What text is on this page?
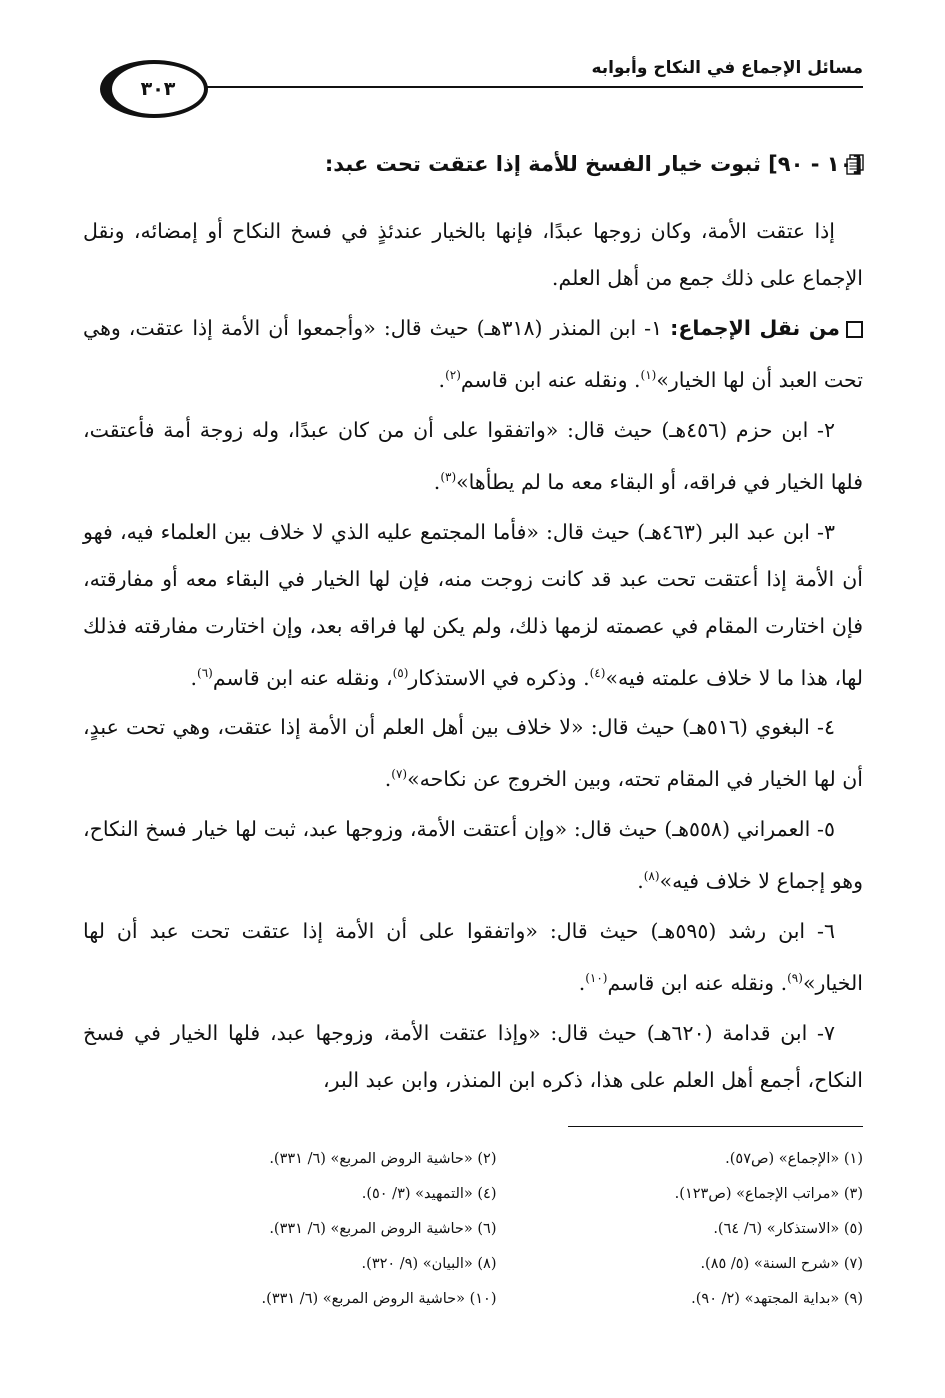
مسائل الإجماع في النكاح وأبوابه
٣٠٣
[١٠ - ٩٠] ثبوت خيار الفسخ للأمة إذا عتقت تحت عبد:

إذا عتقت الأمة، وكان زوجها عبدًا، فإنها بالخيار عندئذٍ في فسخ النكاح أو إمضائه، ونقل الإجماع على ذلك جمع من أهل العلم.

من نقل الإجماع: ١- ابن المنذر (٣١٨هـ) حيث قال: «وأجمعوا أن الأمة إذا عتقت، وهي تحت العبد أن لها الخيار»$^{(١)}$. ونقله عنه ابن قاسم$^{(٢)}$.

٢- ابن حزم (٤٥٦هـ) حيث قال: «واتفقوا على أن من كان عبدًا، وله زوجة أمة فأعتقت، فلها الخيار في فراقه، أو البقاء معه ما لم يطأها»$^{(٣)}$.

٣- ابن عبد البر (٤٦٣هـ) حيث قال: «فأما المجتمع عليه الذي لا خلاف بين العلماء فيه، فهو أن الأمة إذا أعتقت تحت عبد قد كانت زوجت منه، فإن لها الخيار في البقاء معه أو مفارقته، فإن اختارت المقام في عصمته لزمها ذلك، ولم يكن لها فراقه بعد، وإن اختارت مفارقته فذلك لها، هذا ما لا خلاف علمته فيه»$^{(٤)}$. وذكره في الاستذكار$^{(٥)}$، ونقله عنه ابن قاسم$^{(٦)}$.

٤- البغوي (٥١٦هـ) حيث قال: «لا خلاف بين أهل العلم أن الأمة إذا عتقت، وهي تحت عبدٍ، أن لها الخيار في المقام تحته، وبين الخروج عن نكاحه»$^{(٧)}$.

٥- العمراني (٥٥٨هـ) حيث قال: «وإن أعتقت الأمة، وزوجها عبد، ثبت لها خيار فسخ النكاح، وهو إجماع لا خلاف فيه»$^{(٨)}$.

٦- ابن رشد (٥٩٥هـ) حيث قال: «واتفقوا على أن الأمة إذا عتقت تحت عبد أن لها الخيار»$^{(٩)}$. ونقله عنه ابن قاسم$^{(١٠)}$.

٧- ابن قدامة (٦٢٠هـ) حيث قال: «وإذا عتقت الأمة، وزوجها عبد، فلها الخيار في فسخ النكاح، أجمع أهل العلم على هذا، ذكره ابن المنذر، وابن عبد البر،

(١) «الإجماع» (ص٥٧).
(٢) «حاشية الروض المربع» (٦/ ٣٣١).
(٣) «مراتب الإجماع» (ص١٢٣).
(٤) «التمهيد» (٣/ ٥٠).
(٥) «الاستذكار» (٦/ ٦٤).
(٦) «حاشية الروض المربع» (٦/ ٣٣١).
(٧) «شرح السنة» (٥/ ٨٥).
(٨) «البيان» (٩/ ٣٢٠).
(٩) «بداية المجتهد» (٢/ ٩٠).
(١٠) «حاشية الروض المربع» (٦/ ٣٣١).
